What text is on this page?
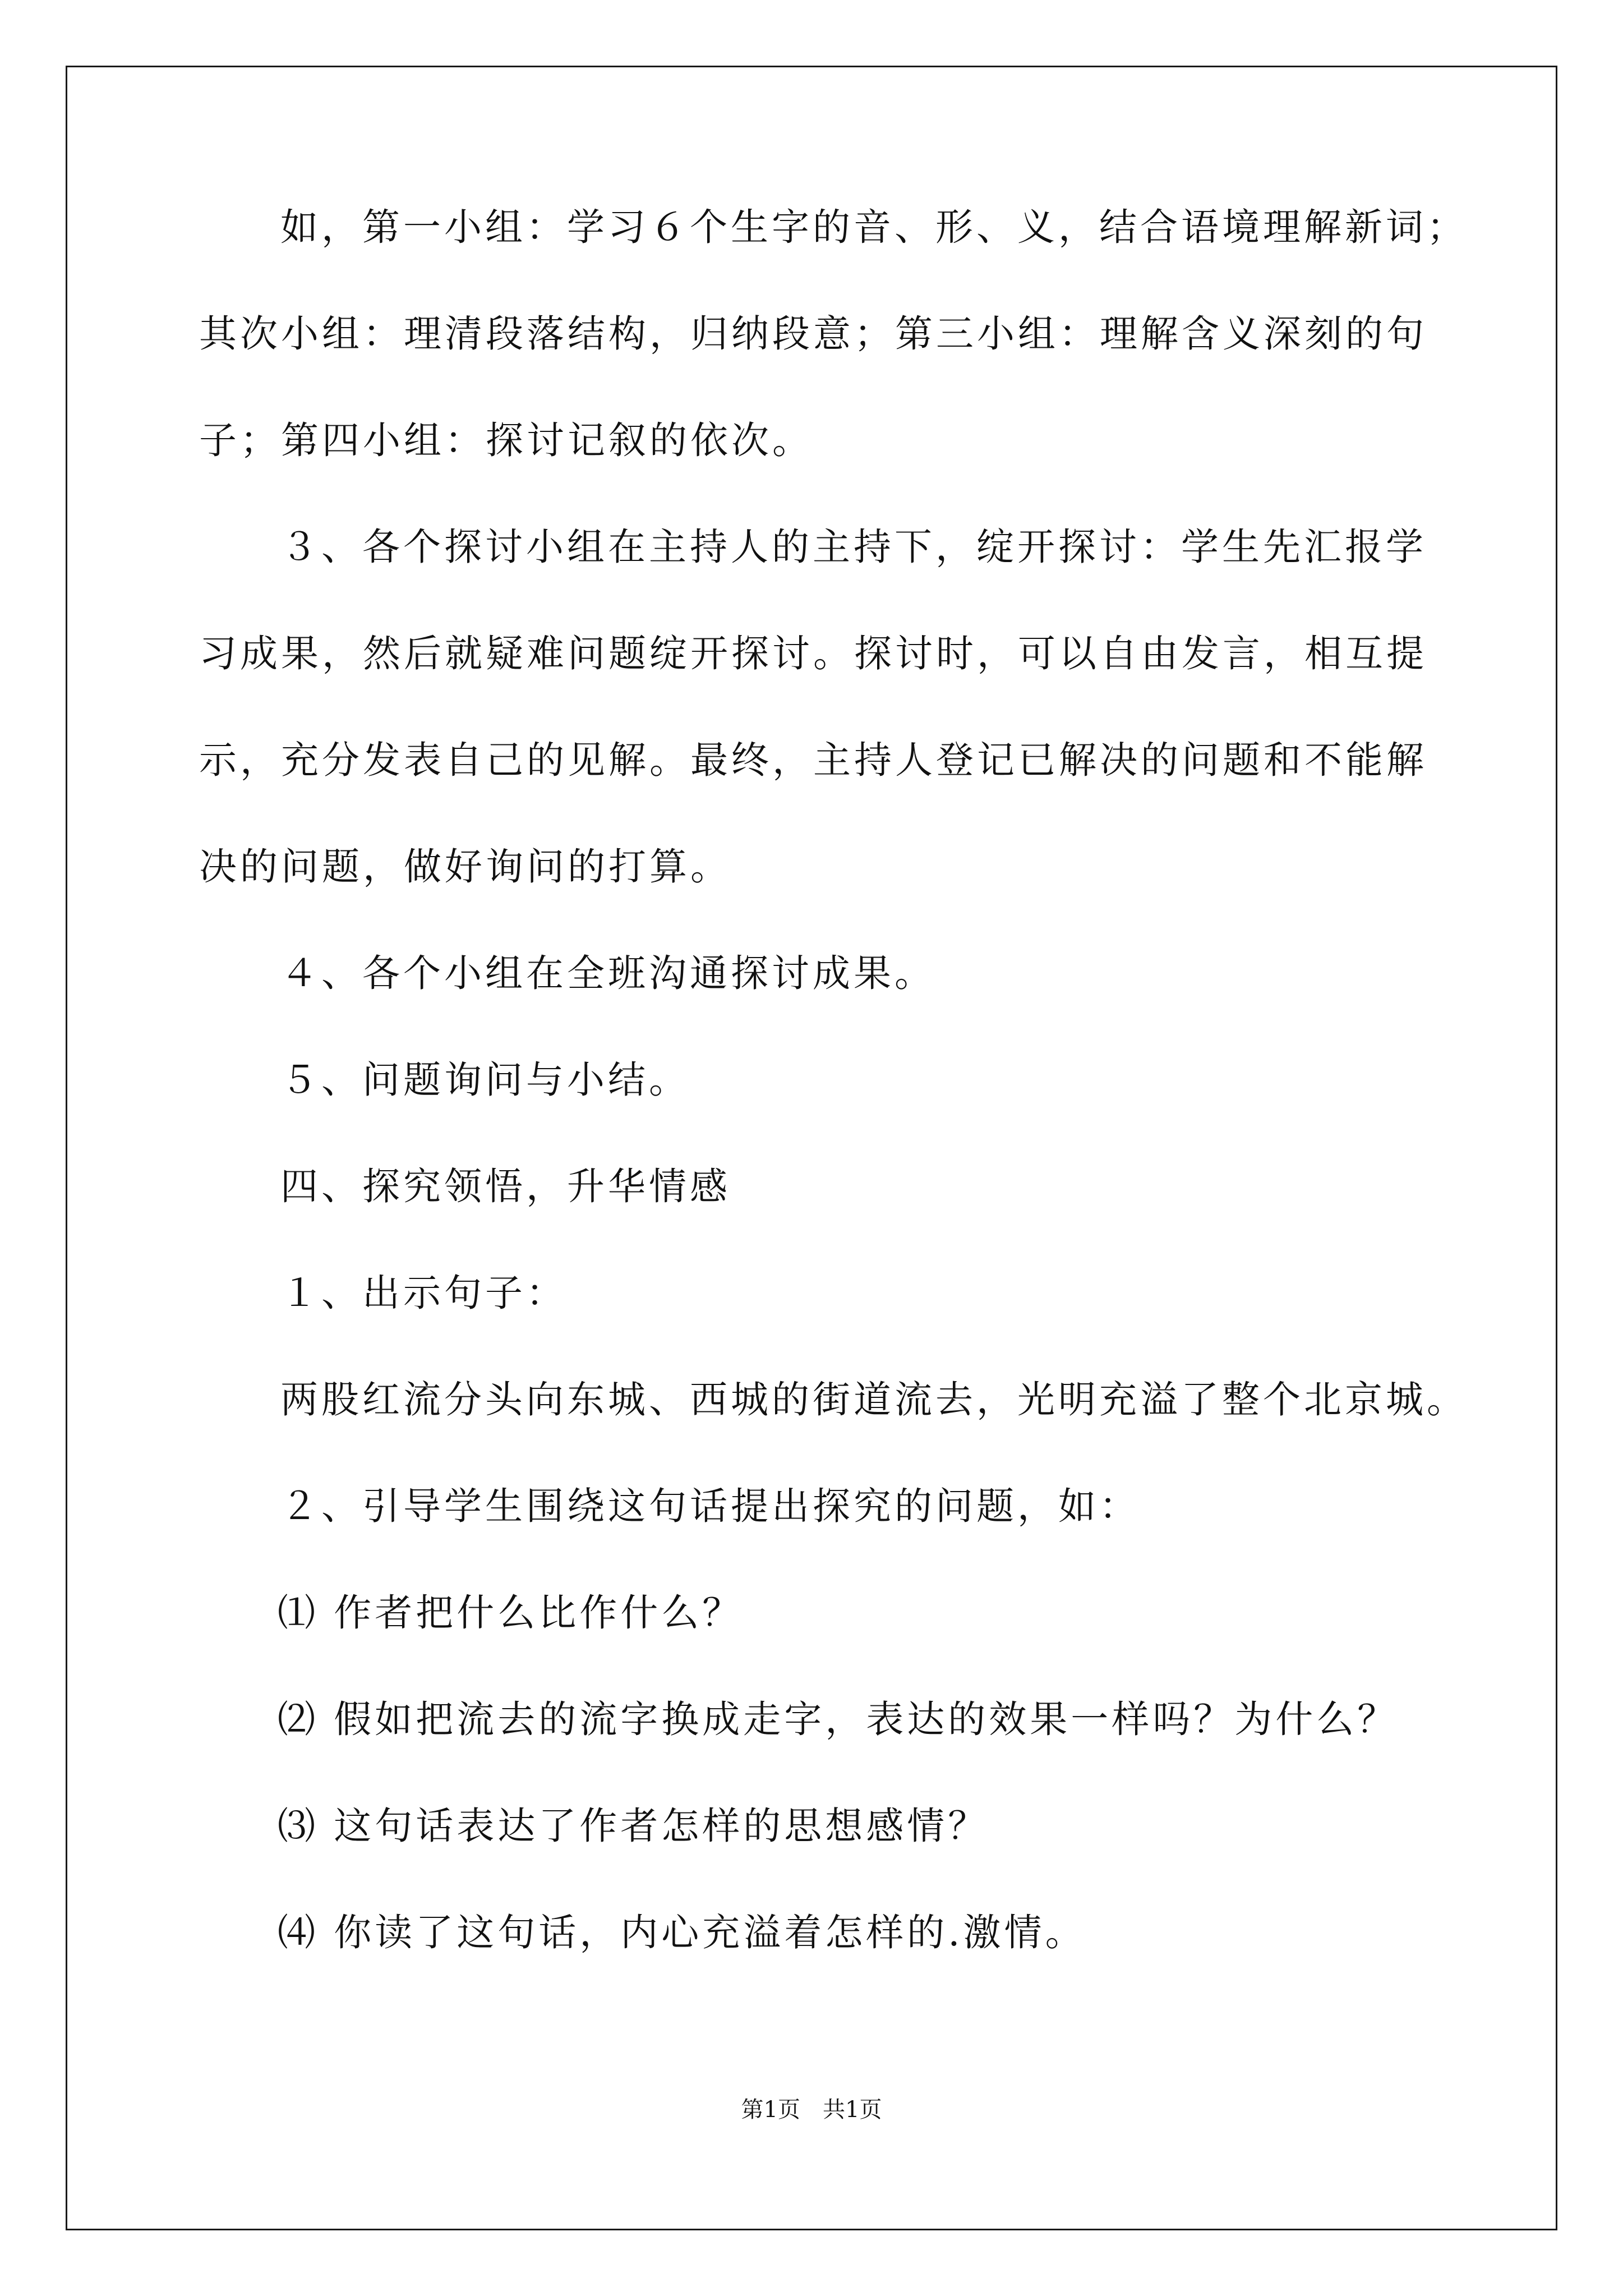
如，第一小组：学习６个生字的音、形、义，结合语境理解新词；
其次小组：理清段落结构，归纳段意；第三小组：理解含义深刻的句
子；第四小组：探讨记叙的依次。
３、各个探讨小组在主持人的主持下，绽开探讨：学生先汇报学
习成果，然后就疑难问题绽开探讨。探讨时，可以自由发言，相互提
示，充分发表自己的见解。最终，主持人登记已解决的问题和不能解
决的问题，做好询问的打算。
４、各个小组在全班沟通探讨成果。
５、问题询问与小结。
四、探究领悟，升华情感
１、出示句子：
两股红流分头向东城、西城的街道流去，光明充溢了整个北京城。
２、引导学生围绕这句话提出探究的问题，如：
⑴ 作者把什么比作什么？
⑵ 假如把流去的流字换成走字，表达的效果一样吗？为什么？
⑶ 这句话表达了作者怎样的思想感情？
⑷ 你读了这句话，内心充溢着怎样的.激情。
第1页　共1页
